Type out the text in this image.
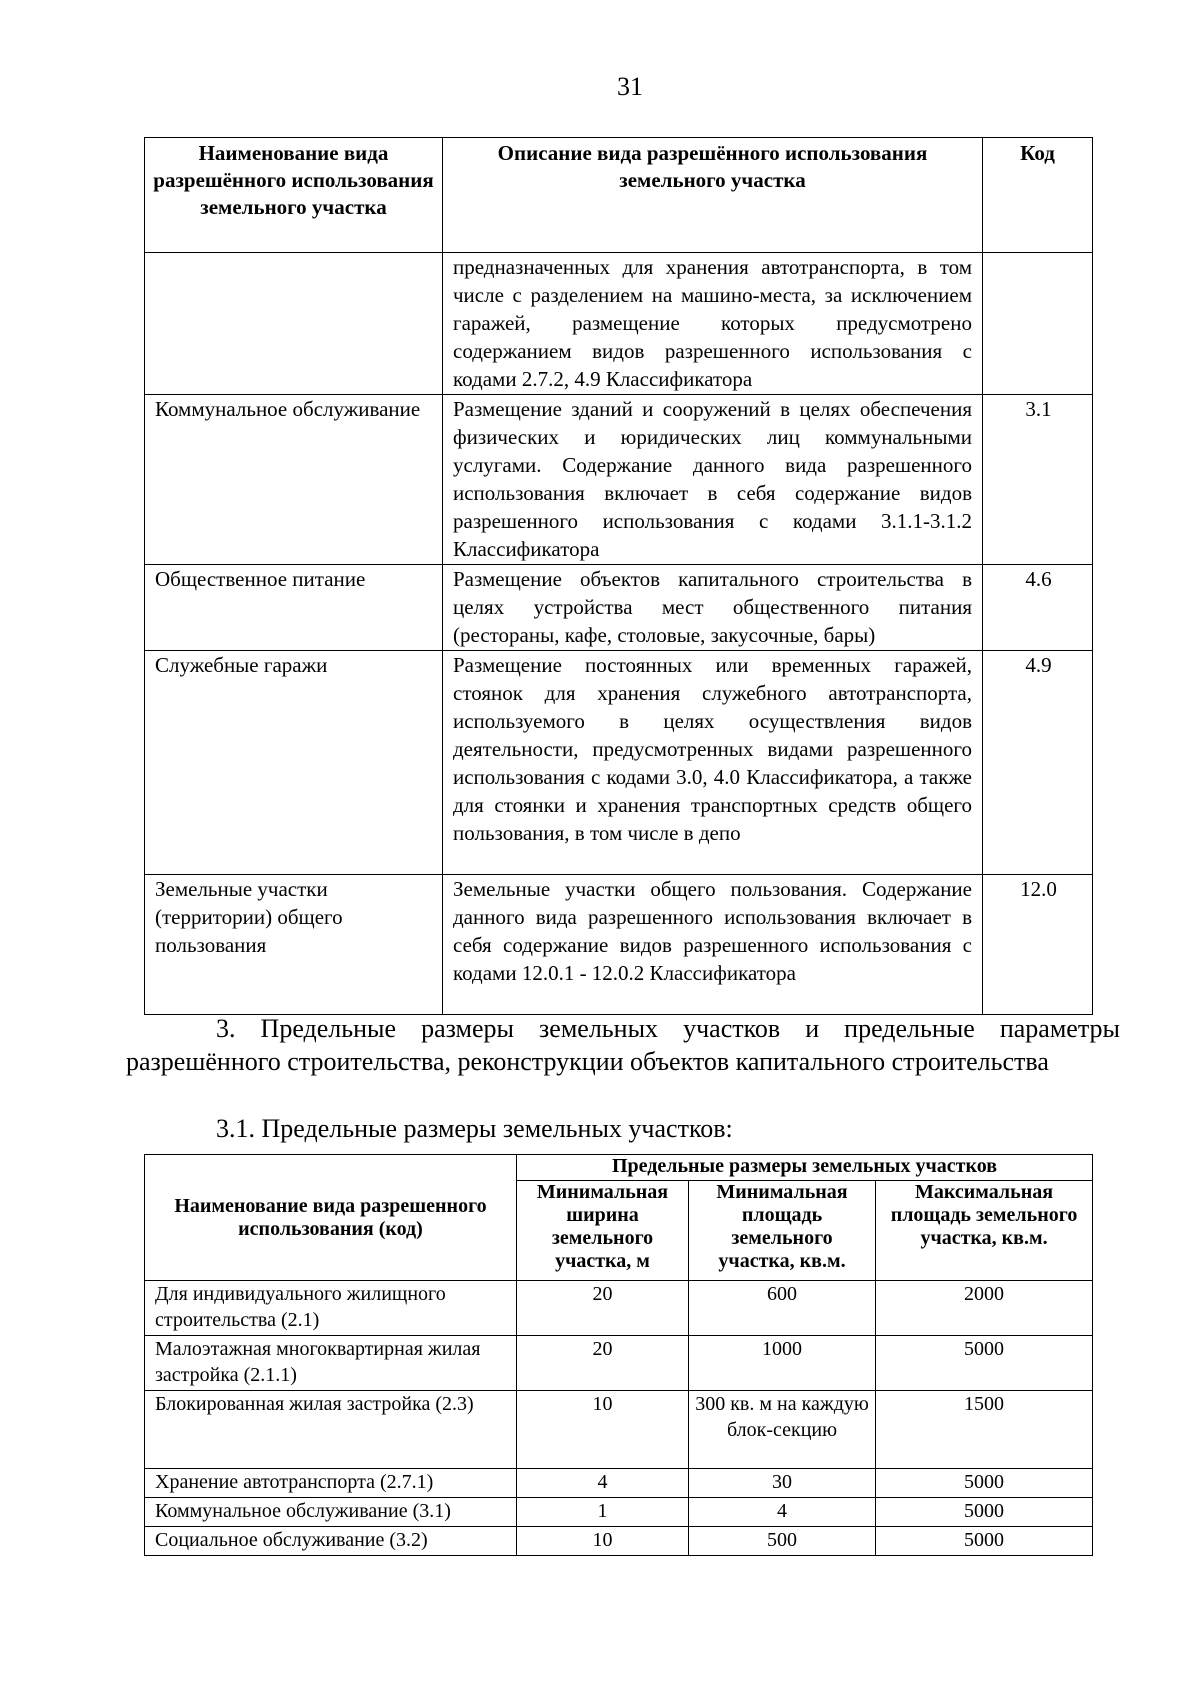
31
Наименование вида разрешённого использования земельного участка	Описание вида разрешённого использования земельного участка	Код
	предназначенных для хранения автотранспорта, в том числе с разделением на машино-места, за исключением гаражей, размещение которых предусмотрено содержанием видов разрешенного использования с кодами 2.7.2, 4.9 Классификатора	
Коммунальное обслуживание	Размещение зданий и сооружений в целях обеспечения физических и юридических лиц коммунальными услугами. Содержание данного вида разрешенного использования включает в себя содержание видов разрешенного использования с кодами 3.1.1-3.1.2 Классификатора	3.1
Общественное питание	Размещение объектов капитального строительства в целях устройства мест общественного питания (рестораны, кафе, столовые, закусочные, бары)	4.6
Служебные гаражи	Размещение постоянных или временных гаражей, стоянок для хранения служебного автотранспорта, используемого в целях осуществления видов деятельности, предусмотренных видами разрешенного использования с кодами 3.0, 4.0 Классификатора, а также для стоянки и хранения транспортных средств общего пользования, в том числе в депо	4.9
Земельные участки (территории) общего пользования	Земельные участки общего пользования. Содержание данного вида разрешенного использования включает в себя содержание видов разрешенного использования с кодами 12.0.1 - 12.0.2 Классификатора	12.0
3. Предельные размеры земельных участков и предельные параметры разрешённого строительства, реконструкции объектов капитального строительства
3.1. Предельные размеры земельных участков:
Наименование вида разрешенного использования (код)	Предельные размеры земельных участков		
	Минимальная ширина земельного участка, м	Минимальная площадь земельного участка, кв.м.	Максимальная площадь земельного участка, кв.м.
Для индивидуального жилищного строительства (2.1)	20	600	2000
Малоэтажная многоквартирная жилая застройка (2.1.1)	20	1000	5000
Блокированная жилая застройка (2.3)	10	300 кв. м на каждую блок-секцию	1500
Хранение автотранспорта (2.7.1)	4	30	5000
Коммунальное обслуживание (3.1)	1	4	5000
Социальное обслуживание (3.2)	10	500	5000
